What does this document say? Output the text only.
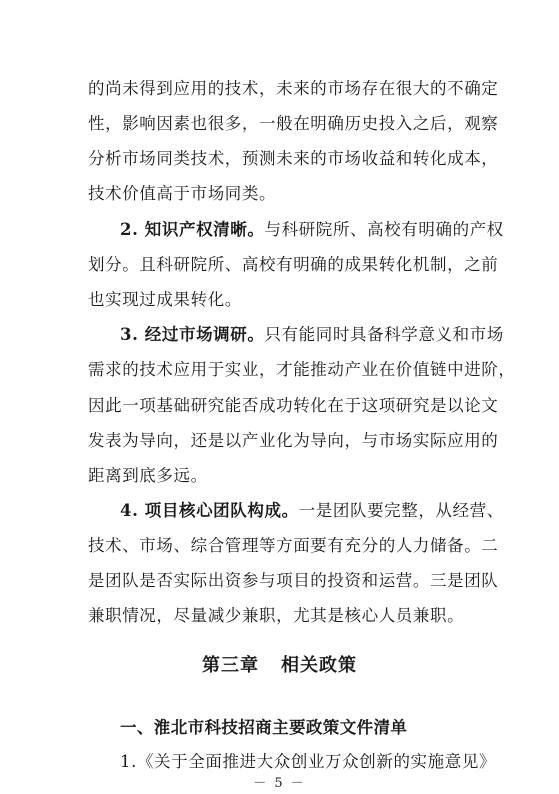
的尚未得到应用的技术，未来的市场存在很大的不确定
性，影响因素也很多，一般在明确历史投入之后，观察
分析市场同类技术，预测未来的市场收益和转化成本，
技术价值高于市场同类。
2. 知识产权清晰。与科研院所、高校有明确的产权
划分。且科研院所、高校有明确的成果转化机制，之前
也实现过成果转化。
3. 经过市场调研。只有能同时具备科学意义和市场
需求的技术应用于实业，才能推动产业在价值链中进阶，
因此一项基础研究能否成功转化在于这项研究是以论文
发表为导向，还是以产业化为导向，与市场实际应用的
距离到底多远。
4. 项目核心团队构成。一是团队要完整，从经营、
技术、市场、综合管理等方面要有充分的人力储备。二
是团队是否实际出资参与项目的投资和运营。三是团队
兼职情况，尽量减少兼职，尤其是核心人员兼职。
第三章 相关政策
一、淮北市科技招商主要政策文件清单
1.《关于全面推进大众创业万众创新的实施意见》
－ 5 －
